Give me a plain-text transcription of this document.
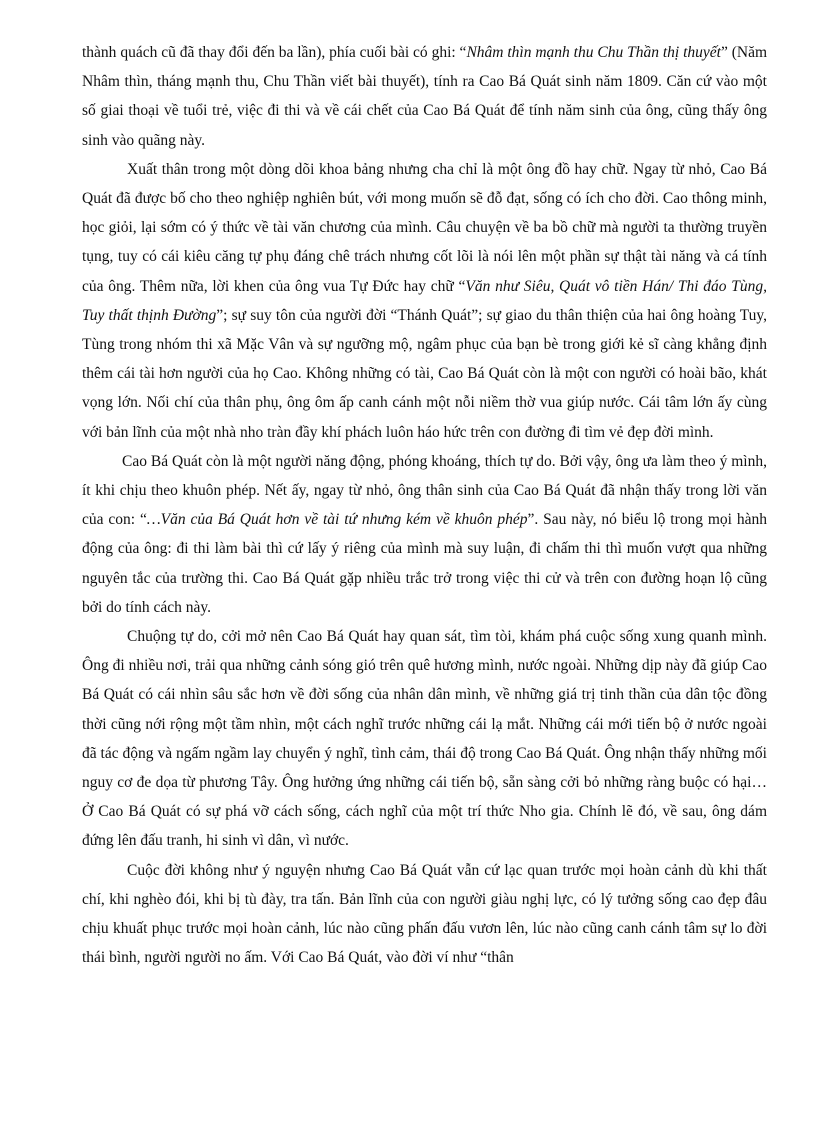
thành quách cũ đã thay đổi đến ba lần), phía cuối bài có ghi: “Nhâm thìn mạnh thu Chu Thần thị thuyết” (Năm Nhâm thìn, tháng mạnh thu, Chu Thần viết bài thuyết), tính ra Cao Bá Quát sinh năm 1809. Căn cứ vào một số giai thoại về tuổi trẻ, việc đi thi và về cái chết của Cao Bá Quát để tính năm sinh của ông, cũng thấy ông sinh vào quãng này.

Xuất thân trong một dòng dõi khoa bảng nhưng cha chỉ là một ông đồ hay chữ. Ngay từ nhỏ, Cao Bá Quát đã được bố cho theo nghiệp nghiên bút, với mong muốn sẽ đỗ đạt, sống có ích cho đời. Cao thông minh, học giỏi, lại sớm có ý thức về tài văn chương của mình. Câu chuyện về ba bồ chữ mà người ta thường truyền tụng, tuy có cái kiêu căng tự phụ đáng chê trách nhưng cốt lõi là nói lên một phần sự thật tài năng và cá tính của ông. Thêm nữa, lời khen của ông vua Tự Đức hay chữ “Văn như Siêu, Quát vô tiền Hán/ Thi đáo Tùng, Tuy thất thịnh Đường”; sự suy tôn của người đời “Thánh Quát”; sự giao du thân thiện của hai ông hoàng Tuy, Tùng trong nhóm thi xã Mặc Vân và sự ngưỡng mộ, ngâm phục của bạn bè trong giới kẻ sĩ càng khẳng định thêm cái tài hơn người của họ Cao. Không những có tài, Cao Bá Quát còn là một con người có hoài bão, khát vọng lớn. Nối chí của thân phụ, ông ôm ấp canh cánh một nỗi niềm thờ vua giúp nước. Cái tâm lớn ấy cùng với bản lĩnh của một nhà nho tràn đầy khí phách luôn háo hức trên con đường đi tìm vẻ đẹp đời mình.

Cao Bá Quát còn là một người năng động, phóng khoáng, thích tự do. Bởi vậy, ông ưa làm theo ý mình, ít khi chịu theo khuôn phép. Nết ấy, ngay từ nhỏ, ông thân sinh của Cao Bá Quát đã nhận thấy trong lời văn của con: “…Văn của Bá Quát hơn về tài tứ nhưng kém về khuôn phép”. Sau này, nó biểu lộ trong mọi hành động của ông: đi thi làm bài thì cứ lấy ý riêng của mình mà suy luận, đi chấm thi thì muốn vượt qua những nguyên tắc của trường thi. Cao Bá Quát gặp nhiều trắc trở trong việc thi cử và trên con đường hoạn lộ cũng bởi do tính cách này.

Chuộng tự do, cởi mở nên Cao Bá Quát hay quan sát, tìm tòi, khám phá cuộc sống xung quanh mình. Ông đi nhiều nơi, trải qua những cảnh sóng gió trên quê hương mình, nước ngoài. Những dịp này đã giúp Cao Bá Quát có cái nhìn sâu sắc hơn về đời sống của nhân dân mình, về những giá trị tinh thần của dân tộc đồng thời cũng nới rộng một tầm nhìn, một cách nghĩ trước những cái lạ mắt. Những cái mới tiến bộ ở nước ngoài đã tác động và ngấm ngầm lay chuyển ý nghĩ, tình cảm, thái độ trong Cao Bá Quát. Ông nhận thấy những mối nguy cơ đe dọa từ phương Tây. Ông hưởng ứng những cái tiến bộ, sẵn sàng cởi bỏ những ràng buộc có hại… Ở Cao Bá Quát có sự phá vỡ cách sống, cách nghĩ của một trí thức Nho gia. Chính lẽ đó, về sau, ông dám đứng lên đấu tranh, hi sinh vì dân, vì nước.

Cuộc đời không như ý nguyện nhưng Cao Bá Quát vẫn cứ lạc quan trước mọi hoàn cảnh dù khi thất chí, khi nghèo đói, khi bị tù đày, tra tấn. Bản lĩnh của con người giàu nghị lực, có lý tưởng sống cao đẹp đâu chịu khuất phục trước mọi hoàn cảnh, lúc nào cũng phấn đấu vươn lên, lúc nào cũng canh cánh tâm sự lo đời thái bình, người người no ấm. Với Cao Bá Quát, vào đời ví như “thân
